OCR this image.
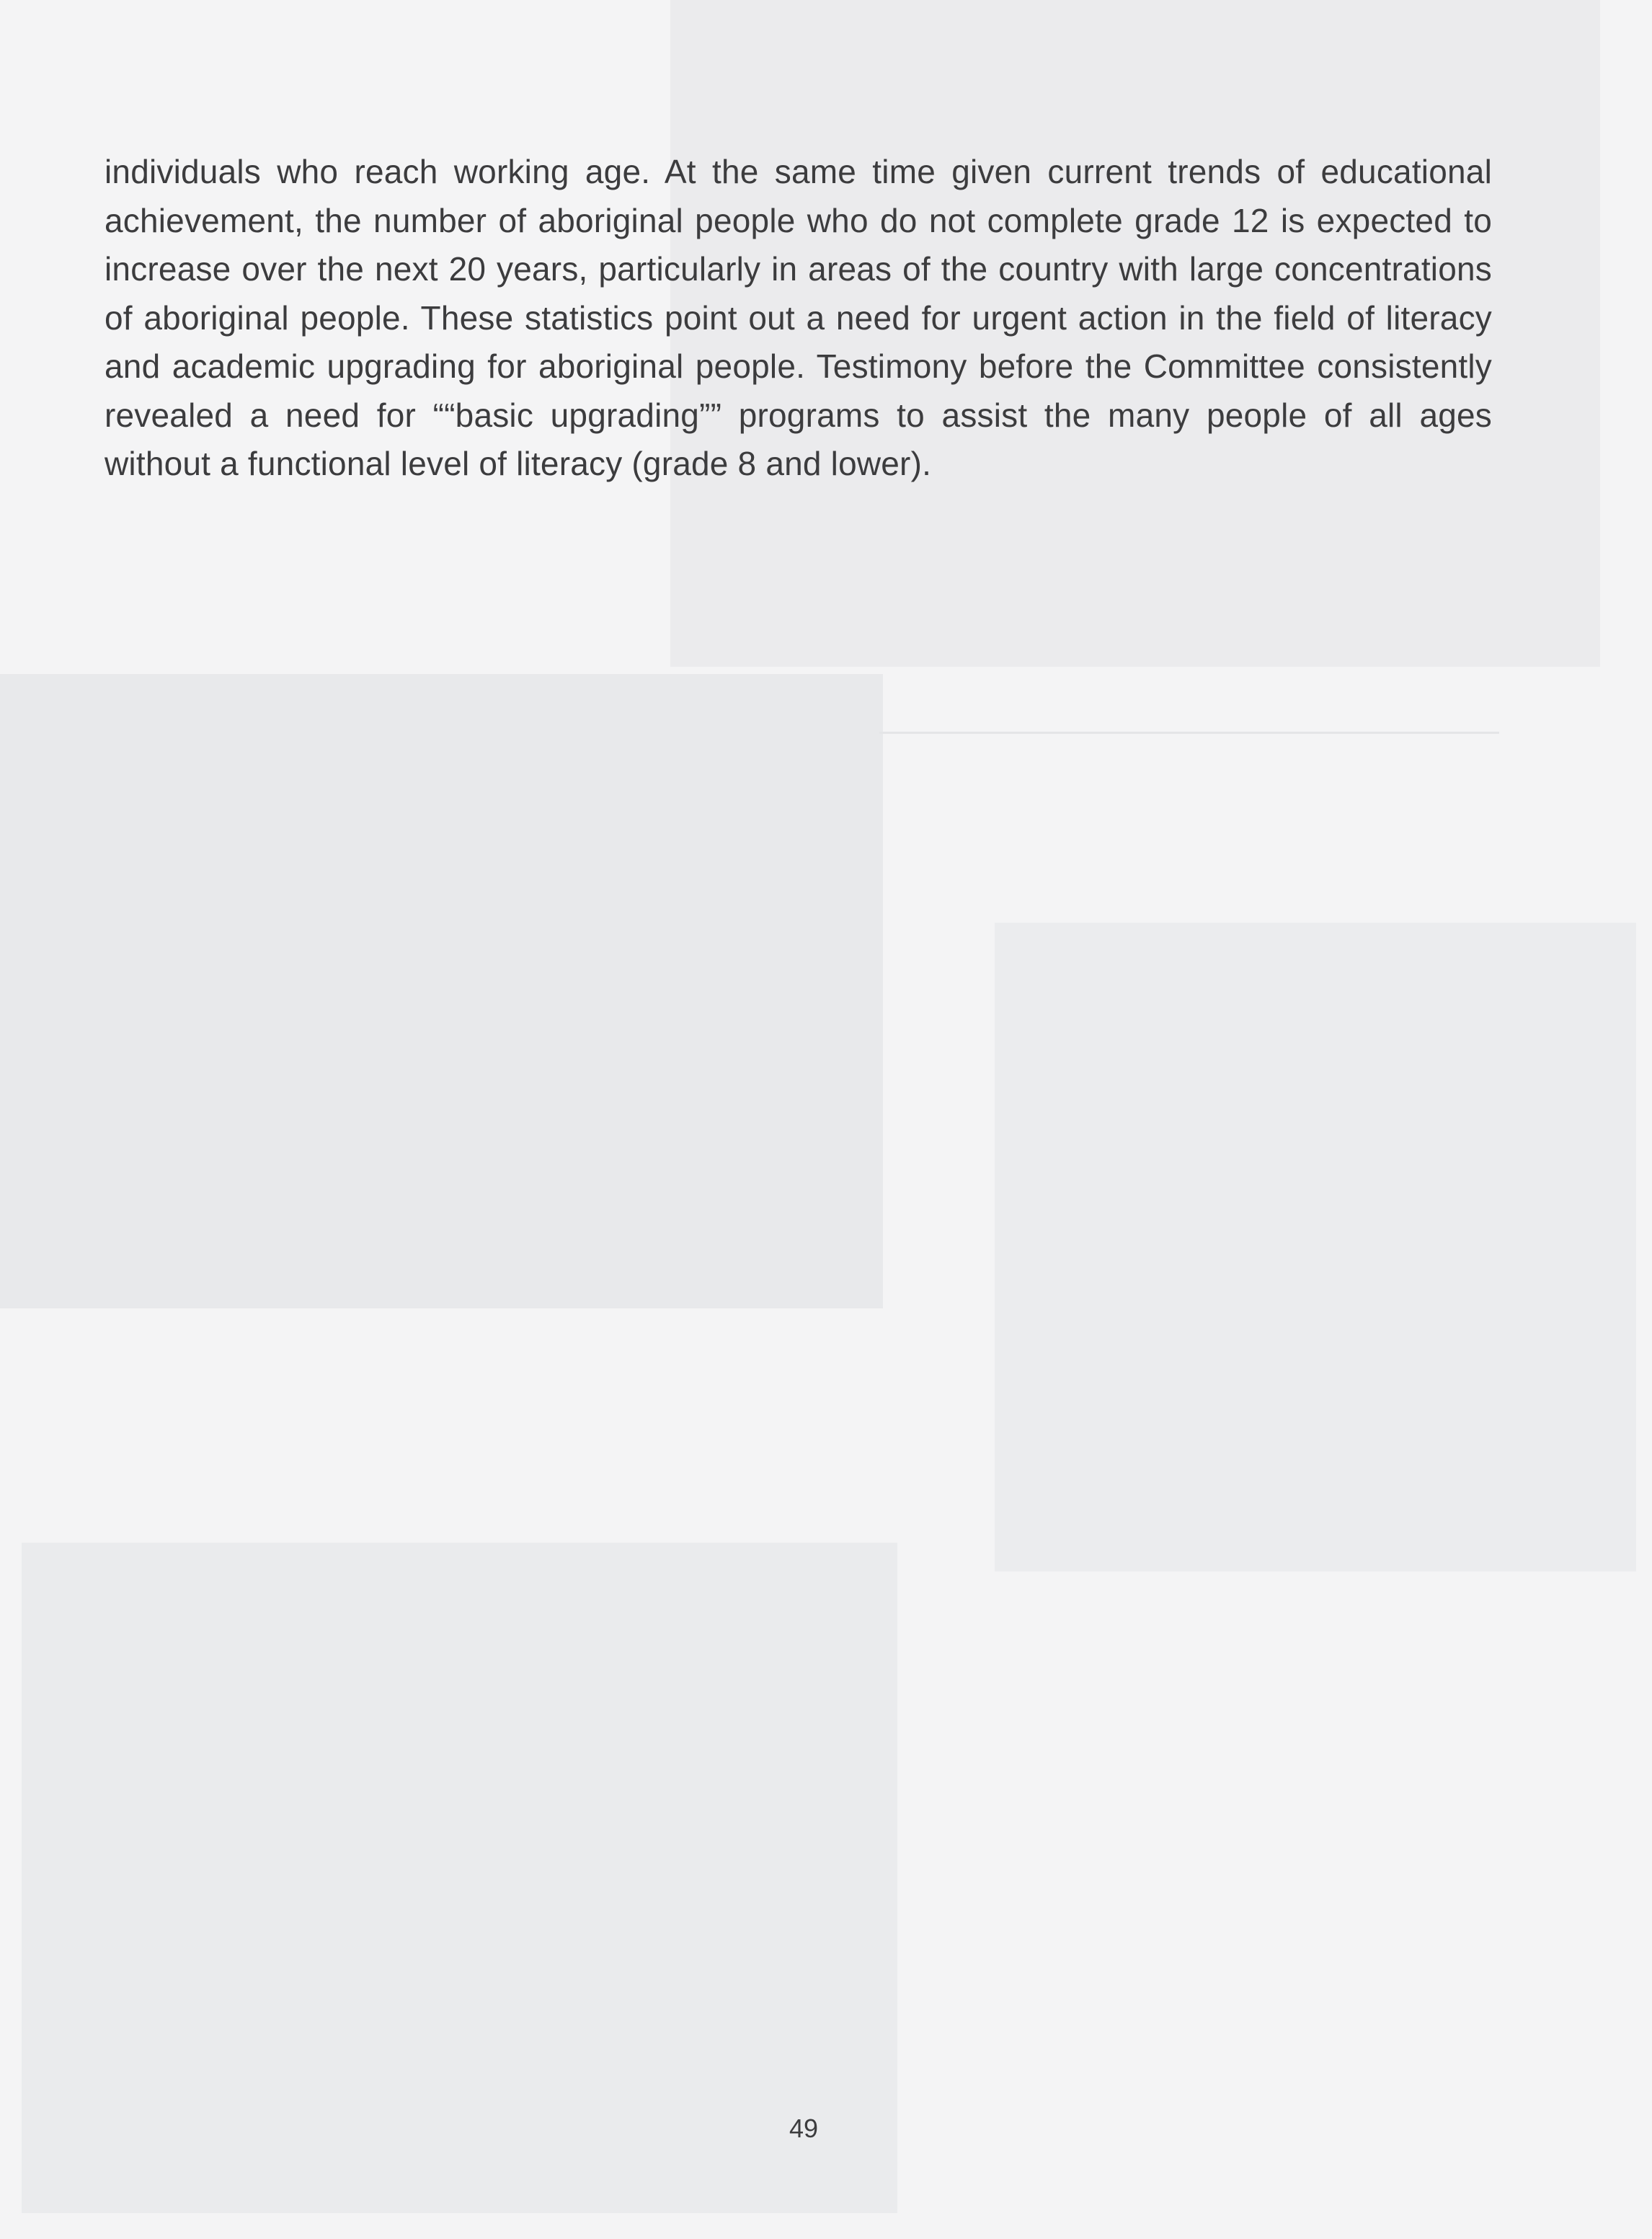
individuals who reach working age. At the same time given current trends of educational achievement, the number of aboriginal people who do not complete grade 12 is expected to increase over the next 20 years, particularly in areas of the country with large concentrations of aboriginal people. These statistics point out a need for urgent action in the field of literacy and academic upgrading for aboriginal people. Testimony before the Committee consistently revealed a need for ““basic upgrading”” programs to assist the many people of all ages without a functional level of literacy (grade 8 and lower).

49
